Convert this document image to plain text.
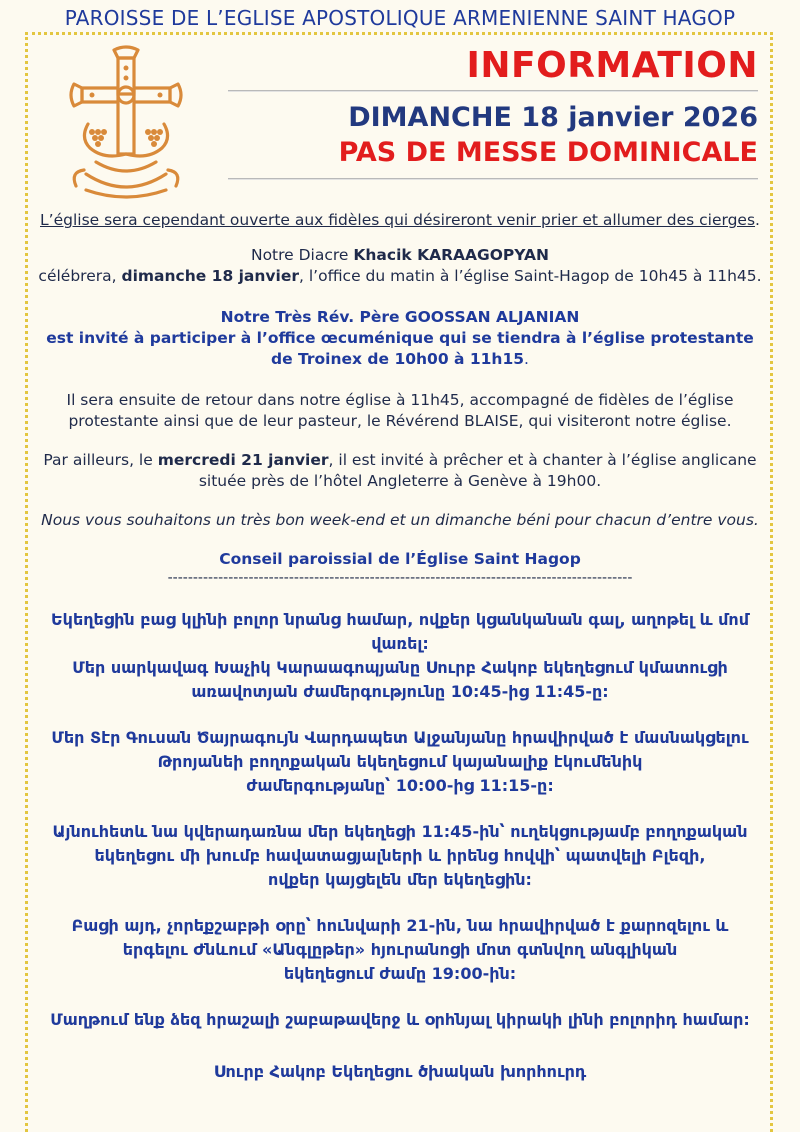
PAROISSE DE L’EGLISE APOSTOLIQUE ARMENIENNE SAINT HAGOP
INFORMATION
DIMANCHE 18 janvier 2026
PAS DE MESSE DOMINICALE

L’église sera cependant ouverte aux fidèles qui désireront venir prier et allumer des cierges.

Notre Diacre Khacik KARAAGOPYAN
célébrera, dimanche 18 janvier, l’office du matin à l’église Saint-Hagop de 10h45 à 11h45.

Notre Très Rév. Père GOOSSAN ALJANIAN
est invité à participer à l’office œcuménique qui se tiendra à l’église protestante
de Troinex de 10h00 à 11h15.

Il sera ensuite de retour dans notre église à 11h45, accompagné de fidèles de l’église
protestante ainsi que de leur pasteur, le Révérend BLAISE, qui visiteront notre église.

Par ailleurs, le mercredi 21 janvier, il est invité à prêcher et à chanter à l’église anglicane
située près de l’hôtel Angleterre à Genève à 19h00.

Nous vous souhaitons un très bon week-end et un dimanche béni pour chacun d’entre vous.

Conseil paroissial de l’Église Saint Hagop

--------------------------------------------------------------------------------------------

Եկեղեցին բաց կլինի բոլոր նրանց համար, ովքեր կցանկանան գալ, աղոթել և մոմ
վառել:
Մեր սարկավագ Խաչիկ Կարաագոպյանը Սուրբ Հակոբ եկեղեցում կմատուցի
առավոտյան ժամերգությունը 10:45-ից 11:45-ը:

Մեր Տէր Գուսան Ծայրագույն Վարդապետ Ալջանյանը հրավիրված է մասնակցելու
Թրոյանեի բողոքական եկեղեցում կայանալիք էկումենիկ
ժամերգությանը՝ 10:00-ից 11:15-ը:

Այնուհետև նա կվերադառնա մեր եկեղեցի 11:45-ին՝ ուղեկցությամբ բողոքական
եկեղեցու մի խումբ հավատացյալների և իրենց հովվի՝ պատվելի Բլեզի,
ովքեր կայցելեն մեր եկեղեցին:

Բացի այդ, չորեքշաբթի օրը՝ հունվարի 21-ին, նա հրավիրված է քարոզելու և
երգելու Ժնևում «Անգլըթեր» հյուրանոցի մոտ գտնվող անգլիկան
եկեղեցում ժամը 19:00-ին:

Մաղթում ենք ձեզ հրաշալի շաբաթավերջ և օրհնյալ կիրակի լինի բոլորիդ համար:

Սուրբ Հակոբ Եկեղեցու ծխական խորհուրդ
